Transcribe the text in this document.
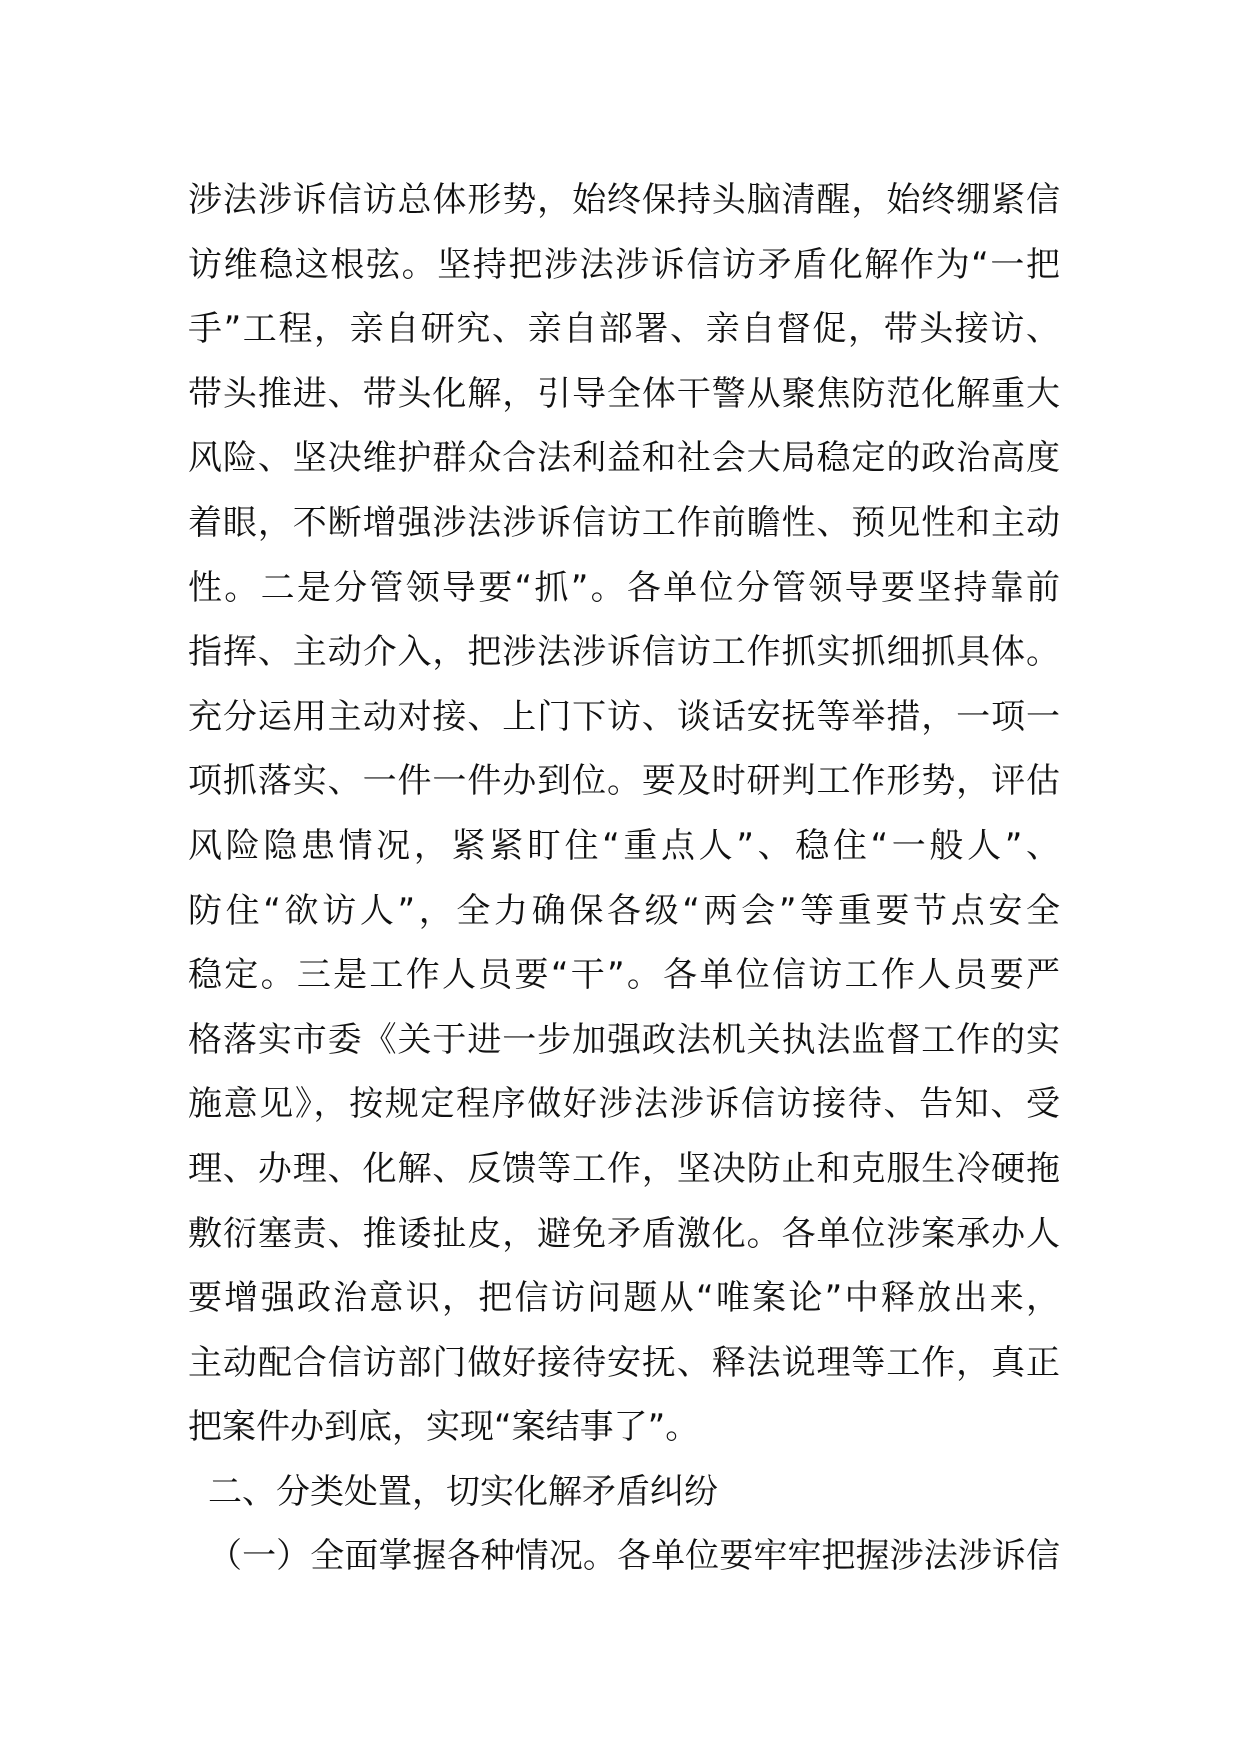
涉法涉诉信访总体形势，始终保持头脑清醒，始终绷紧信
访维稳这根弦。坚持把涉法涉诉信访矛盾化解作为“一把
手”工程，亲自研究、亲自部署、亲自督促，带头接访、
带头推进、带头化解，引导全体干警从聚焦防范化解重大
风险、坚决维护群众合法利益和社会大局稳定的政治高度
着眼，不断增强涉法涉诉信访工作前瞻性、预见性和主动
性。二是分管领导要“抓”。各单位分管领导要坚持靠前
指挥、主动介入，把涉法涉诉信访工作抓实抓细抓具体。
充分运用主动对接、上门下访、谈话安抚等举措，一项一
项抓落实、一件一件办到位。要及时研判工作形势，评估
风险隐患情况，紧紧盯住“重点人”、稳住“一般人”、
防住“欲访人”，全力确保各级“两会”等重要节点安全
稳定。三是工作人员要“干”。各单位信访工作人员要严
格落实市委《关于进一步加强政法机关执法监督工作的实
施意见》，按规定程序做好涉法涉诉信访接待、告知、受
理、办理、化解、反馈等工作，坚决防止和克服生冷硬拖
敷衍塞责、推诿扯皮，避免矛盾激化。各单位涉案承办人
要增强政治意识，把信访问题从“唯案论”中释放出来，
主动配合信访部门做好接待安抚、释法说理等工作，真正
把案件办到底，实现“案结事了”。
二、分类处置，切实化解矛盾纠纷
（一）全面掌握各种情况。各单位要牢牢把握涉法涉诉信
